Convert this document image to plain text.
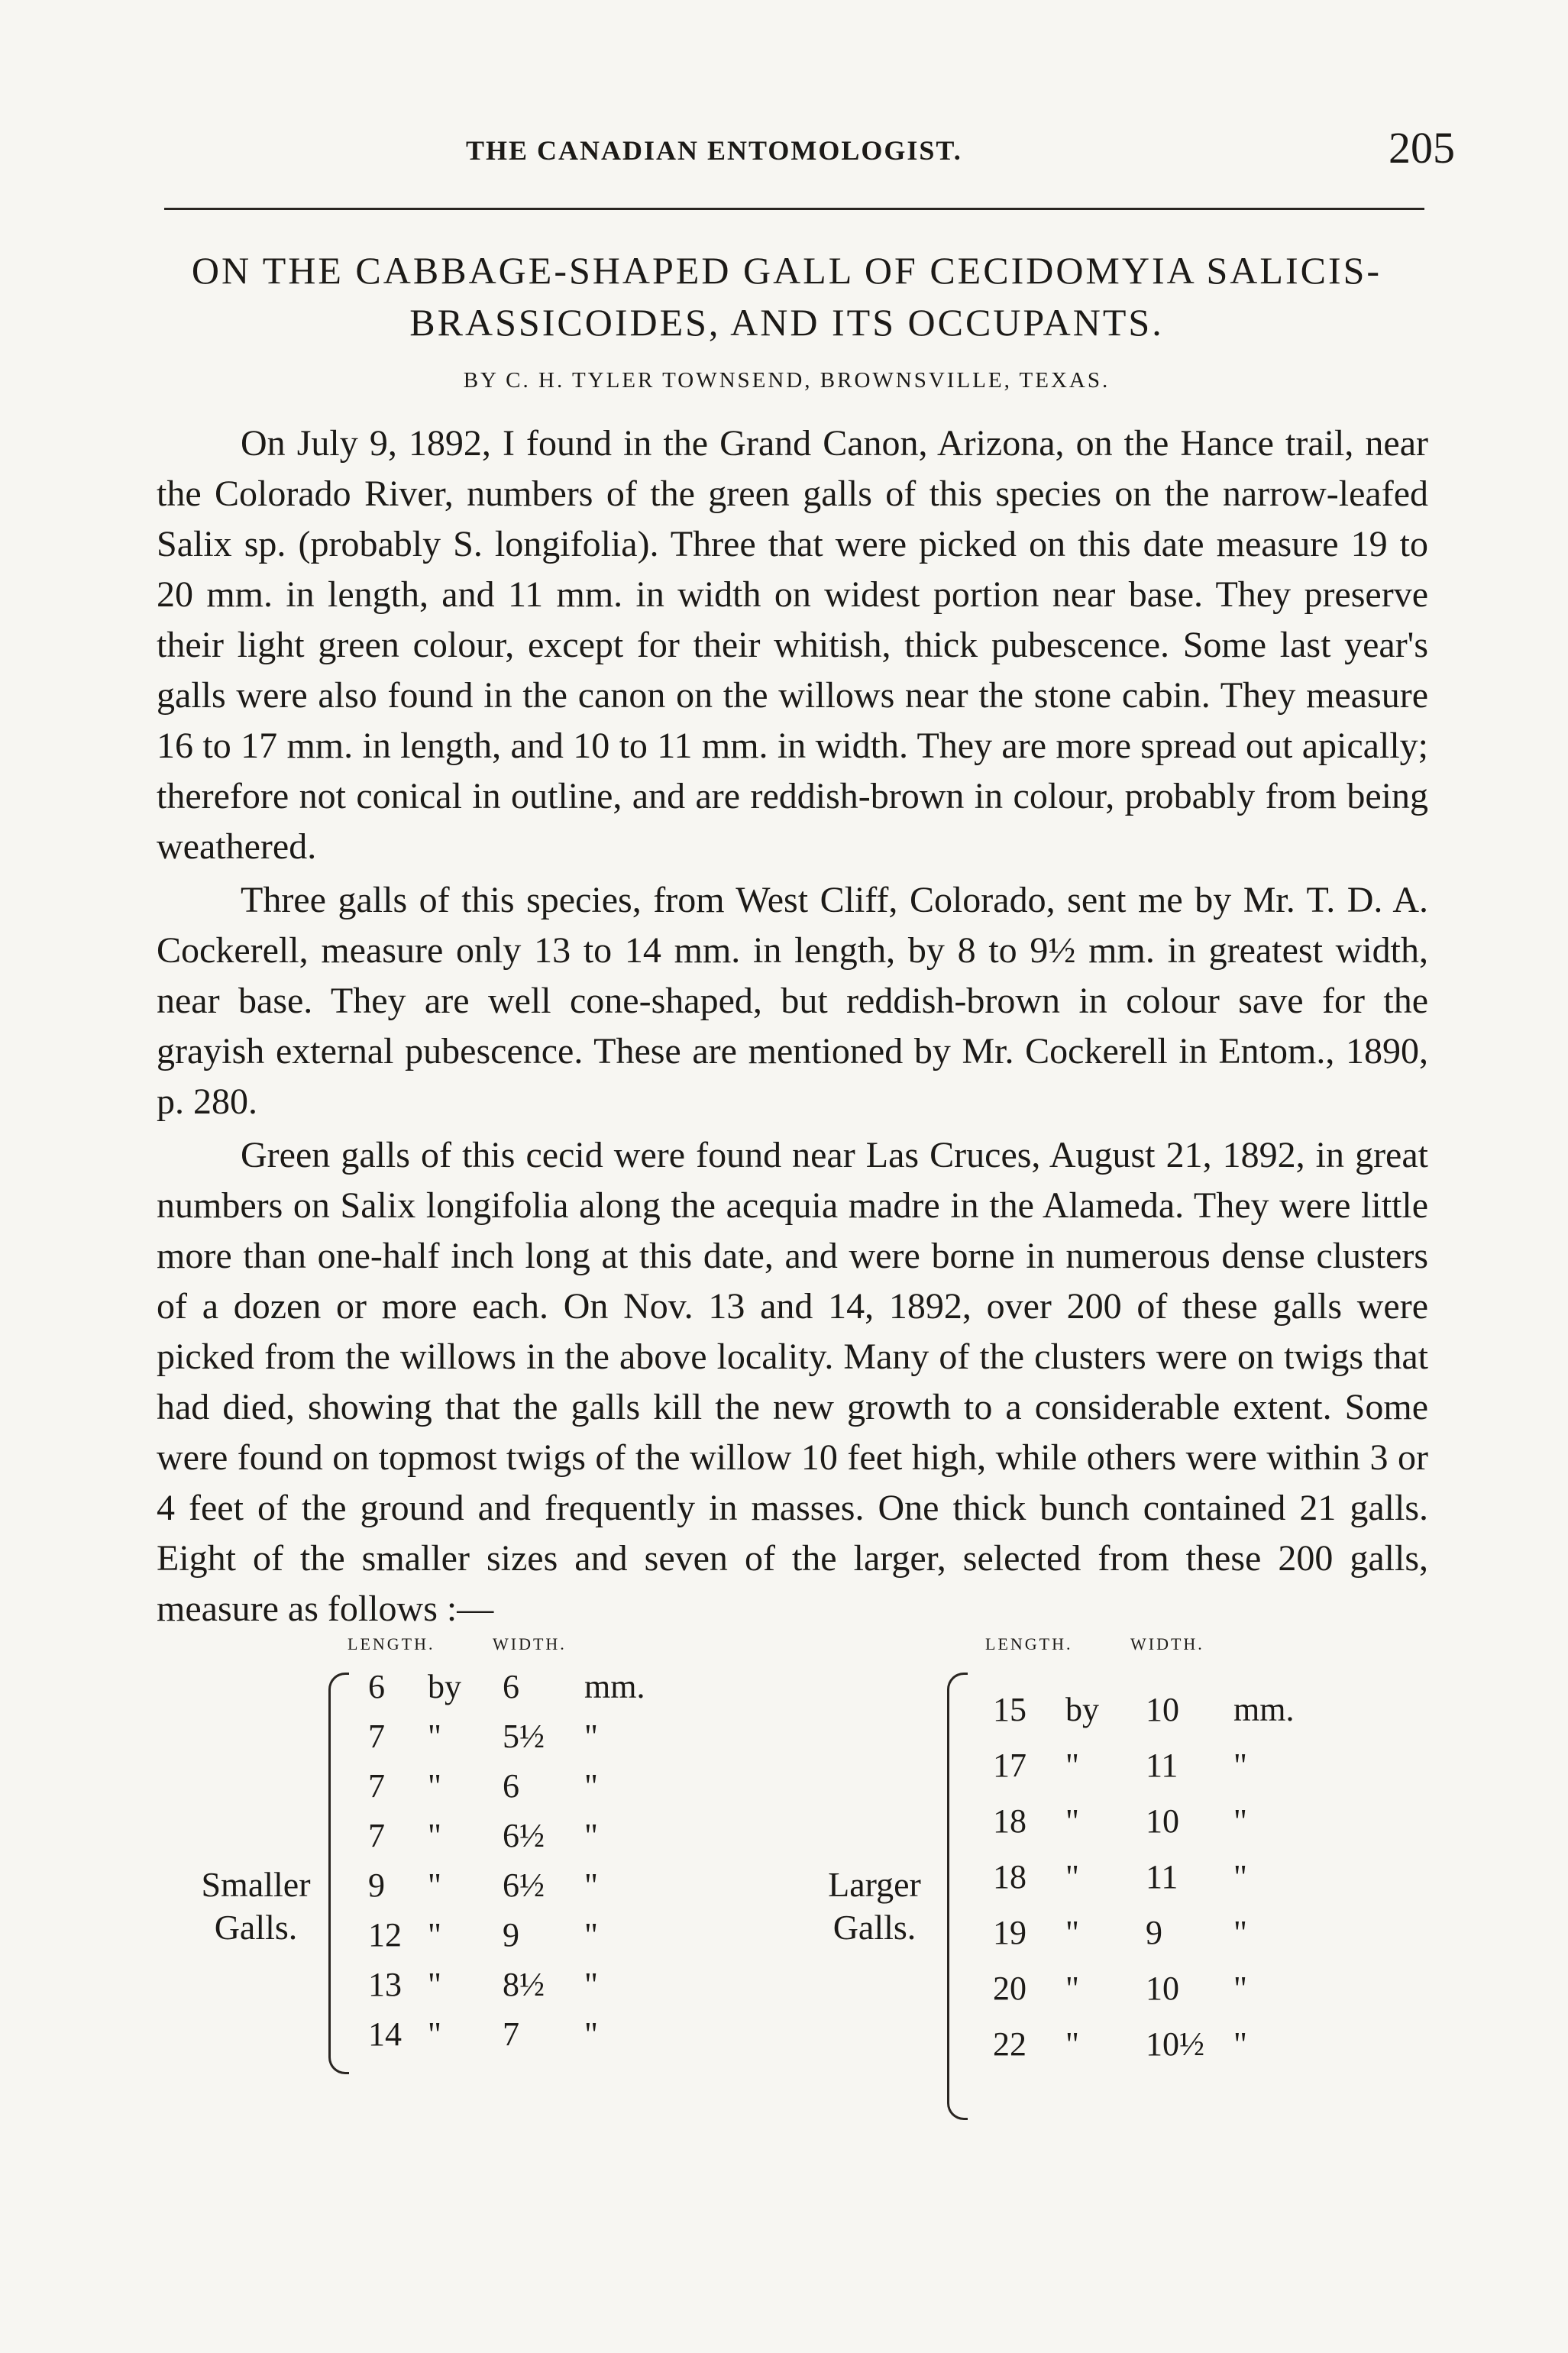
THE CANADIAN ENTOMOLOGIST.	205
ON THE CABBAGE-SHAPED GALL OF CECIDOMYIA SALICIS-
BRASSICOIDES, AND ITS OCCUPANTS.
BY C. H. TYLER TOWNSEND, BROWNSVILLE, TEXAS.

On July 9, 1892, I found in the Grand Canon, Arizona, on the Hance trail, near the Colorado River, numbers of the green galls of this species on the narrow-leafed Salix sp. (probably S. longifolia). Three that were picked on this date measure 19 to 20 mm. in length, and 11 mm. in width on widest portion near base. They preserve their light green colour, except for their whitish, thick pubescence. Some last year's galls were also found in the canon on the willows near the stone cabin. They measure 16 to 17 mm. in length, and 10 to 11 mm. in width. They are more spread out apically; therefore not conical in outline, and are reddish-brown in colour, probably from being weathered.

Three galls of this species, from West Cliff, Colorado, sent me by Mr. T. D. A. Cockerell, measure only 13 to 14 mm. in length, by 8 to 9½ mm. in greatest width, near base. They are well cone-shaped, but reddish-brown in colour save for the grayish external pubescence. These are mentioned by Mr. Cockerell in Entom., 1890, p. 280.

Green galls of this cecid were found near Las Cruces, August 21, 1892, in great numbers on Salix longifolia along the acequia madre in the Alameda. They were little more than one-half inch long at this date, and were borne in numerous dense clusters of a dozen or more each. On Nov. 13 and 14, 1892, over 200 of these galls were picked from the willows in the above locality. Many of the clusters were on twigs that had died, showing that the galls kill the new growth to a considerable extent. Some were found on topmost twigs of the willow 10 feet high, while others were within 3 or 4 feet of the ground and frequently in masses. One thick bunch contained 21 galls. Eight of the smaller sizes and seven of the larger, selected from these 200 galls, measure as follows :—

LENGTH.	WIDTH.
Smaller
Galls.
6 by 6 mm.
7 " 5½ "
7 " 6 "
7 " 6½ "
9 " 6½ "
12 " 9 "
13 " 8½ "
14 " 7 "
LENGTH.	WIDTH.
Larger
Galls.
15 by 10 mm.
17 " 11 "
18 " 10 "
18 " 11 "
19 " 9 "
20 " 10 "
22 " 10½ "
